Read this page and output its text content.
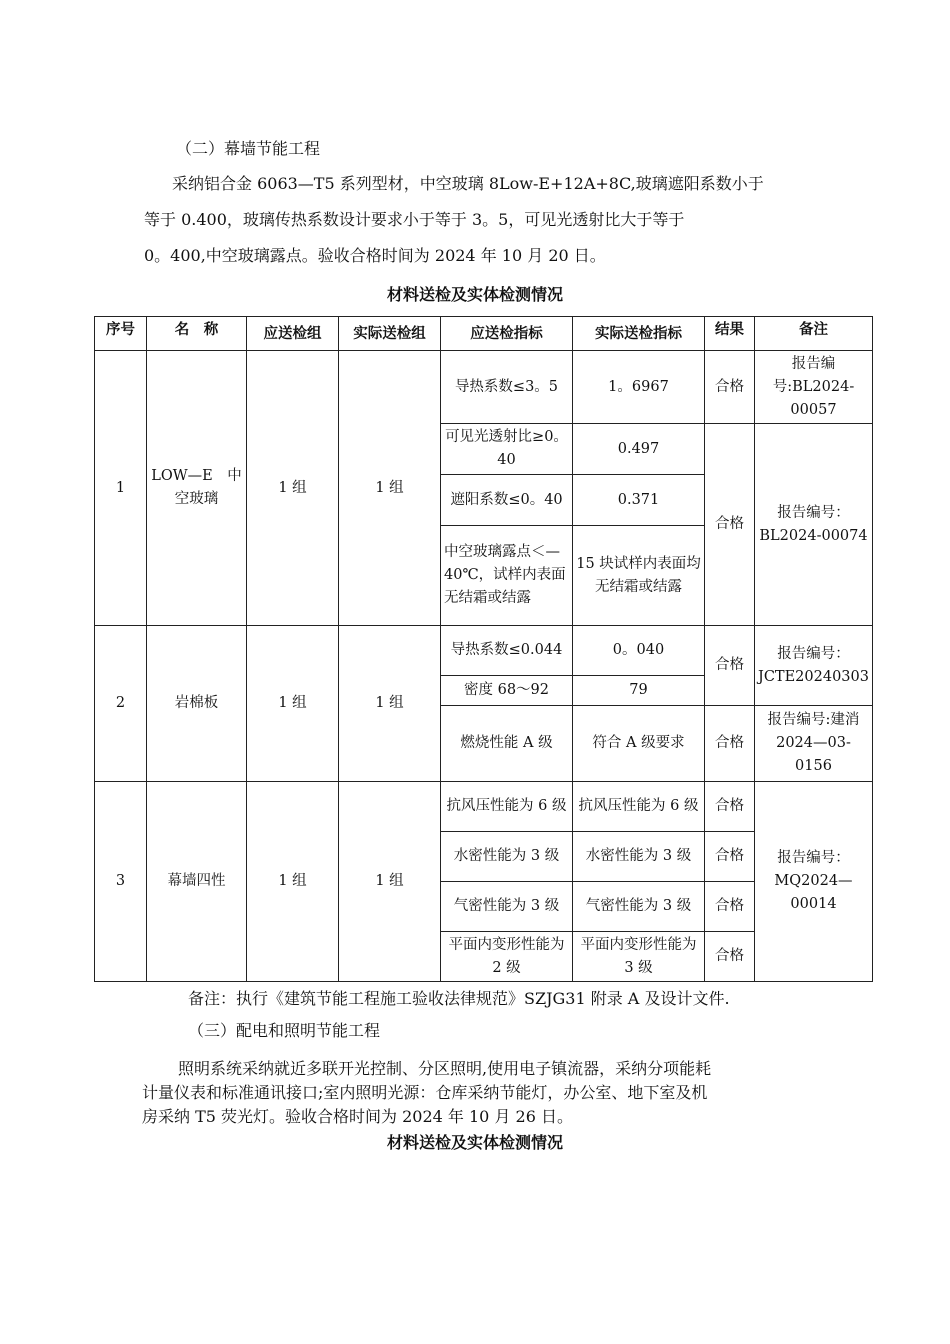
（二）幕墙节能工程
采纳铝合金 6063—T5 系列型材，中空玻璃 8Low-E+12A+8C,玻璃遮阳系数小于
等于 0.400，玻璃传热系数设计要求小于等于 3。5，可见光透射比大于等于
0。400,中空玻璃露点。验收合格时间为 2024 年 10 月 20 日。
材料送检及实体检测情况
序号	名　称	应送检组	实际送检组	应送检指标	实际送检指标	结果	备注
1	LOW—E　中空玻璃	1 组	1 组	导热系数≤3。5	1。6967	合格	报告编号:BL2024-00057
				可见光透射比≥0。40	0.497	合格	报告编号：BL2024-00074
				遮阳系数≤0。40	0.371		
				中空玻璃露点＜—40℃，试样内表面无结霜或结露	15 块试样内表面均无结霜或结露		
2	岩棉板	1 组	1 组	导热系数≤0.044	0。040	合格	报告编号：JCTE20240303
				密度 68～92	79		
				燃烧性能 A 级	符合 A 级要求	合格	报告编号:建消 2024—03-0156
3	幕墙四性	1 组	1 组	抗风压性能为 6 级	抗风压性能为 6 级	合格	报告编号：MQ2024—00014
				水密性能为 3 级	水密性能为 3 级	合格	
				气密性能为 3 级	气密性能为 3 级	合格	
				平面内变形性能为 2 级	平面内变形性能为 3 级	合格	
备注：执行《建筑节能工程施工验收法律规范》SZJG31 附录 A 及设计文件.
（三）配电和照明节能工程
照明系统采纳就近多联开光控制、分区照明,使用电子镇流器，采纳分项能耗
计量仪表和标准通讯接口;室内照明光源：仓库采纳节能灯，办公室、地下室及机
房采纳 T5 荧光灯。验收合格时间为 2024 年 10 月 26 日。
材料送检及实体检测情况
